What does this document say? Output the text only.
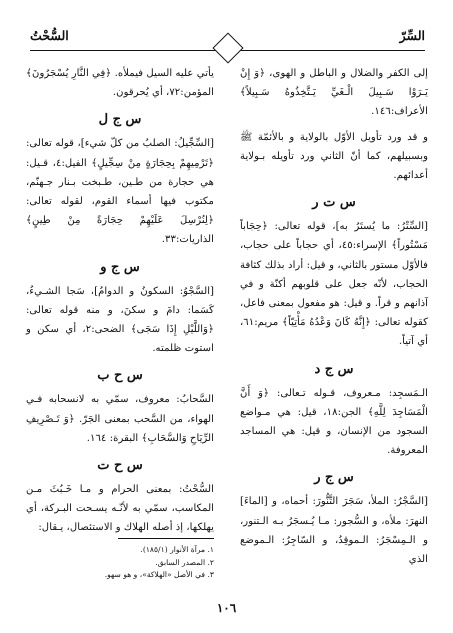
السُّحْتُ	السِّرّ

إلى الكفر والضلال و الباطل و الهوى، ﴿وَ إِنْ يَـرَوْا سَـبِيلَ الْـغَيِّ يَـتَّخِذُوهُ سَـبِيلاً﴾ الأعراف:١٤٦.

و قد ورد تأويل الأوّل بالولاية و بالأئمّة ﷺ وبسبيلهم، كما أنّ الثاني ورد تأويله بـولاية أعدائهم.

س ت ر

[السِّتْرُ: ما يُستَرُ به]، قوله تعالى: ﴿حِجَاباً مَسْتُوراً﴾ الإسراء:٤٥، أي حجاباً على حجاب، فالأوّل مستور بالثاني، و قيل: أراد بذلك كثافة الحجاب، لأنّه جعل على قلوبهم أكنّة و في آذانهم و قراً. و قيل: هو مفعول بمعنى فاعل، كقوله تعالى: ﴿إِنَّهُ كَانَ وَعْدُهُ مَأْتِيّاً﴾ مريم:٦١، أي آتياً.

س ج د

الـمَسجِد: مـعروف، قـوله تـعالى: ﴿وَ أَنَّ الْمَسَاجِدَ لِلَّهِ﴾ الجن:١٨، قيل: هي مـواضع السجود من الإنسان، و قيل: هي المساجد المعروفة.

س ج ر

[السَّجْرُ: الملأ، سَجَرَ التَّنُّورَ: أحماه، و [الماءَ] النهرَ: ملأه، و السُّجور: مـا يُـسجَرُ بـه الـتنور، و الـمِسْجَرُ: الـموقِدُ، و السّاجِرُ: الـموضع الذي

يأتي عليه السيل فيملأه. ﴿فِي النَّارِ يُسْجَرُونَ﴾ المؤمن:٧٢، أي يُحرقون.

س ج ل

[السِّجِّيلُ: الصلبُ من كلّ شيء]، قوله تعالى: ﴿تَرْمِيهِمْ بِحِجَارَةٍ مِنْ سِجِّيلٍ﴾ الفيل:٤، قـيل: هي حجارة من طـين، طـبخت بـنار جـهنّم، مكتوب فيها أسماء القوم، لقوله تعالى: ﴿لِنُرْسِلَ عَلَيْهِمْ حِجَارَةً مِنْ طِينٍ﴾ الذاريات:٣٣.

س ج و

[السَّجْوُ: السكونُ و الدوامُ]، سَجا الشـيءُ، كَسَما: دامَ و سكنَ، و منه قوله تعالى: ﴿وَاللَّيْلِ إِذَا سَجَى﴾ الضحى:٢، أي سكن و استوت ظلمته.

س ح ب

السَّحابُ: معروف، سمّي به لانسحابه فـي الهواء، من السَّحب بمعنى الجَرّ. ﴿وَ تَـصْرِيفِ الرِّيَاحِ وَالسَّحَابِ﴾ البقرة: ١٦٤.

س ح ت

السُّحْتُ: بمعنى الحرام و مـا خَـبُثَ مـن المكاسب، سمّي به لأنّـه يسـحت البـركة، أي يهلكها، إذ أصله الهلاك و الاستئصال، يـقال:

١. مرآة الأنوار (١٨٥/١).
٢. المصدر السابق.
٣. في الأصل «الهلاكة»، و هو سهو.
١٠٦
